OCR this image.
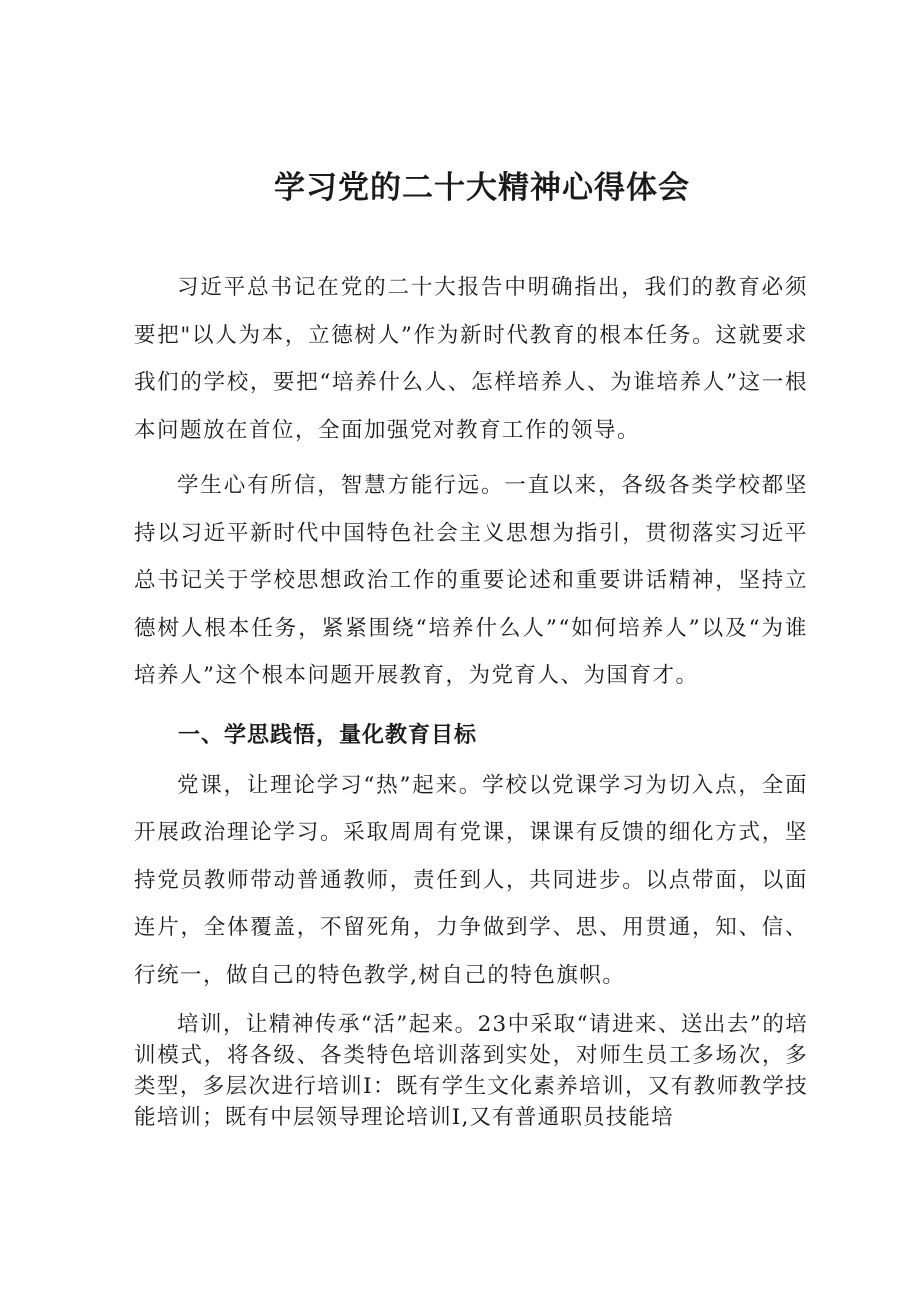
学习党的二十大精神心得体会

习近平总书记在党的二十大报告中明确指出，我们的教育必须要把"以人为本，立德树人”作为新时代教育的根本任务。这就要求我们的学校，要把“培养什么人、怎样培养人、为谁培养人”这一根本问题放在首位，全面加强党对教育工作的领导。

学生心有所信，智慧方能行远。一直以来，各级各类学校都坚持以习近平新时代中国特色社会主义思想为指引，贯彻落实习近平总书记关于学校思想政治工作的重要论述和重要讲话精神，坚持立德树人根本任务，紧紧围绕“培养什么人”“如何培养人”以及“为谁培养人”这个根本问题开展教育，为党育人、为国育才。

一、学思践悟，量化教育目标

党课，让理论学习“热”起来。学校以党课学习为切入点，全面开展政治理论学习。采取周周有党课，课课有反馈的细化方式，坚持党员教师带动普通教师，责任到人，共同进步。以点带面，以面连片，全体覆盖，不留死角，力争做到学、思、用贯通，知、信、行统一，做自己的特色教学,树自己的特色旗帜。

培训，让精神传承“活”起来。23中采取“请进来、送出去”的培训模式，将各级、各类特色培训落到实处，对师生员工多场次，多类型，多层次进行培训I：既有学生文化素养培训，又有教师教学技能培训；既有中层领导理论培训I,又有普通职员技能培
